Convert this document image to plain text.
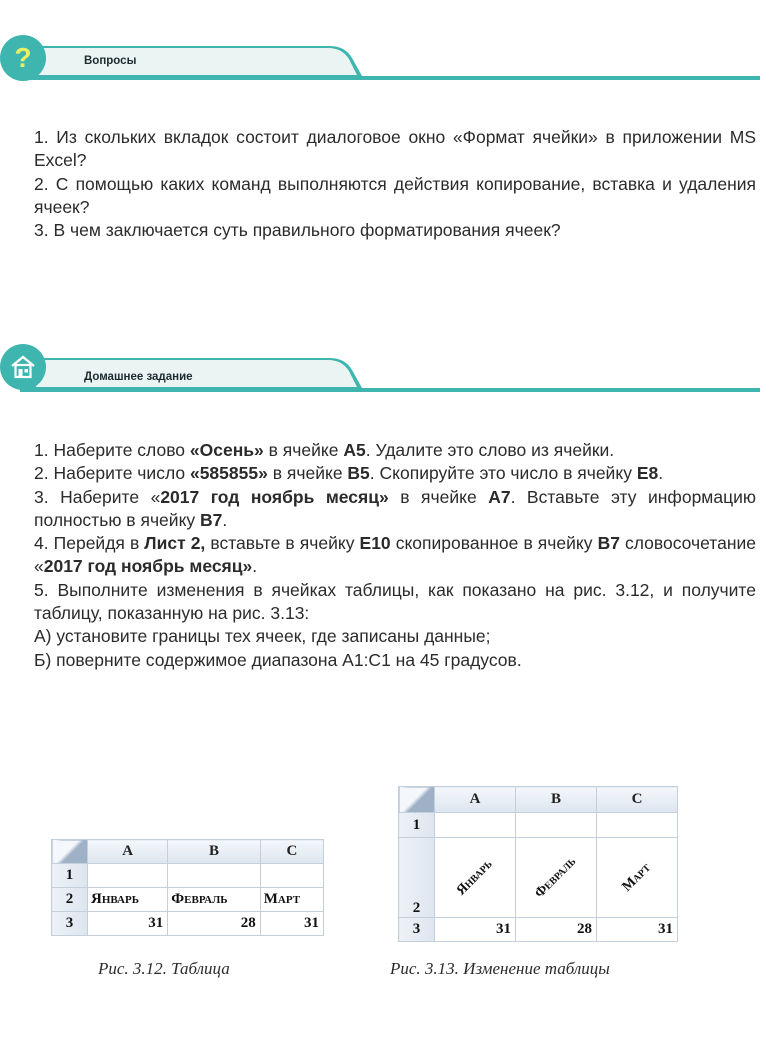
?	Вопросы

1. Из скольких вкладок состоит диалоговое окно «Формат ячейки» в приложении MS Excel?

2. С помощью каких команд выполняются действия копирование, вставка и удаления ячеек?

3. В чем заключается суть правильного форматирования ячеек?

Домашнее задание

1. Наберите слово «Осень» в ячейке А5. Удалите это слово из ячейки.

2. Наберите число «585855» в ячейке B5. Скопируйте это число в ячейку E8.

3. Наберите «2017 год ноябрь месяц» в ячейке А7. Вставьте эту информацию полностью в ячейку B7.

4. Перейдя в Лист 2, вставьте в ячейку E10 скопированное в ячейку B7 словосочетание «2017 год ноябрь месяц».

5. Выполните изменения в ячейках таблицы, как показано на рис. 3.12, и получите таблицу, показанную на рис. 3.13:

А) установите границы тех ячеек, где записаны данные;

Б) поверните содержимое диапазона A1:C1 на 45 градусов.

	A	B	C
1			
2	Январь	Февраль	Март
3	31	28	31
Рис. 3.12. Таблица
	A	B	C
1			
2	Январь	Февраль	Март

3	31	28	31
Рис. 3.13. Изменение таблицы
